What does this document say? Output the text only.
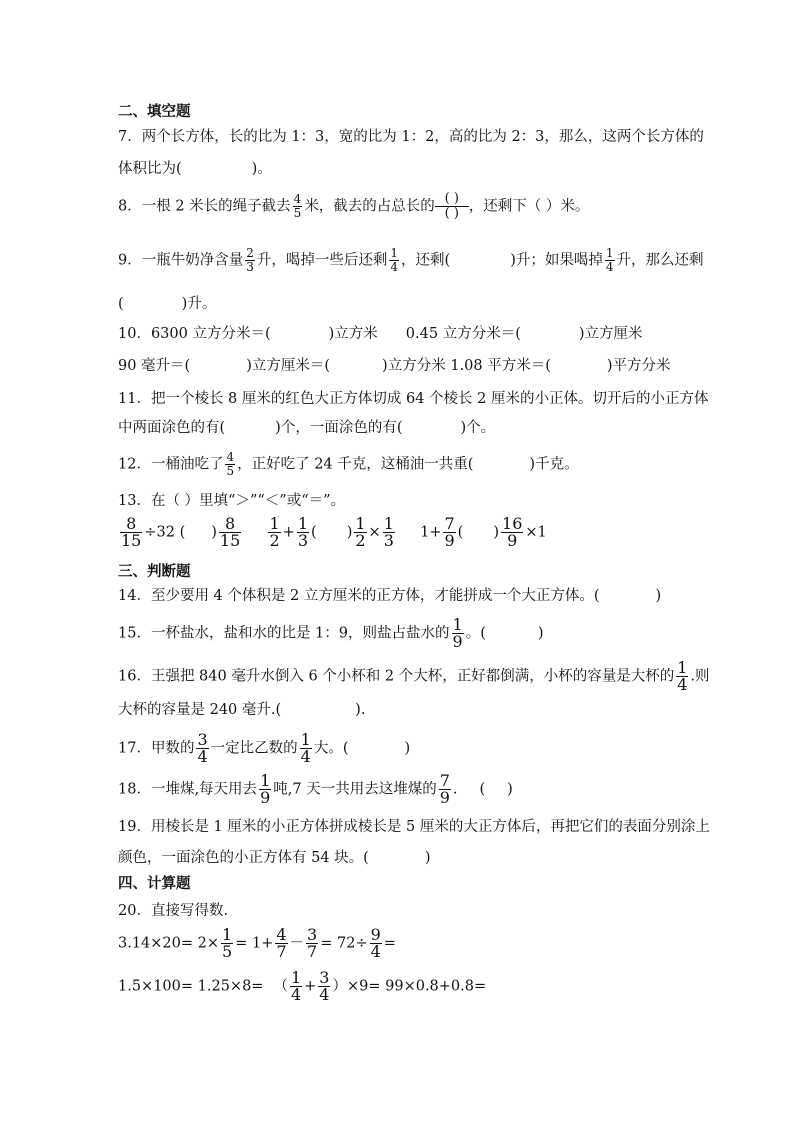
二、填空题
7．两个长方体，长的比为 1：3，宽的比为 1：2，高的比为 2：3，那么，这两个长方体的
体积比为(	)。
8．一根 2 米长的绳子截去 $\frac{4}{5}$ 米，截去的占总长的 $\frac{( )}{( )}$ ，还剩下（ ）米。
9．一瓶牛奶净含量 $\frac{2}{3}$ 升，喝掉一些后还剩 $\frac{1}{4}$ ，还剩(	)升；如果喝掉 $\frac{1}{4}$ 升，那么还剩
(	)升。
10．6300 立方分米＝(	)立方米 0.45 立方分米＝(	)立方厘米
90 毫升＝(	)立方厘米＝(	)立方分米 1.08 平方米＝(	)平方分米
11．把一个棱长 8 厘米的红色大正方体切成 64 个棱长 2 厘米的小正体。切开后的小正方体
中两面涂色的有(	)个，一面涂色的有(	)个。
12．一桶油吃了 $\frac{4}{5}$ ，正好吃了 24 千克，这桶油一共重(	)千克。
13．在（ ）里填“＞”“＜”或“＝”。
$\frac{8}{15} \div 32$ ( ) $\frac{8}{15}$
$\frac{1}{2} + \frac{1}{3}$ ( ) $\frac{1}{2} \times \frac{1}{3} 1+ \frac{7}{9}$ ( ) $\frac{16}{9} \times 1$
三、判断题
14．至少要用 4 个体积是 2 立方厘米的正方体，才能拼成一个大正方体。(	)
15．一杯盐水，盐和水的比是 1：9，则盐占盐水的 $\frac{1}{9}$ 。(	)
16．王强把 840 毫升水倒入 6 个小杯和 2 个大杯，正好都倒满，小杯的容量是大杯的 $\frac{1}{4}$ .则
大杯的容量是 240 毫升.(	).
17．甲数的 $\frac{3}{4}$ 一定比乙数的 $\frac{1}{4}$ 大。(	)
18．一堆煤,每天用去 $\frac{1}{9}$ 吨,7 天一共用去这堆煤的 $\frac{7}{9}$ . ( )
19．用棱长是 1 厘米的小正方体拼成棱长是 5 厘米的大正方体后，再把它们的表面分别涂上
颜色，一面涂色的小正方体有 54 块。(	)
四、计算题
20．直接写得数.
$3.14\times 20= 2\times \frac{1}{5} = 1+ \frac{4}{7} - \frac{3}{7} = 72\div \frac{9}{4}$ =
1.5×100= 1.25×8= （ $\frac{1}{4} + \frac{3}{4} )\times 9= 99\times 0.8+0.8=$
